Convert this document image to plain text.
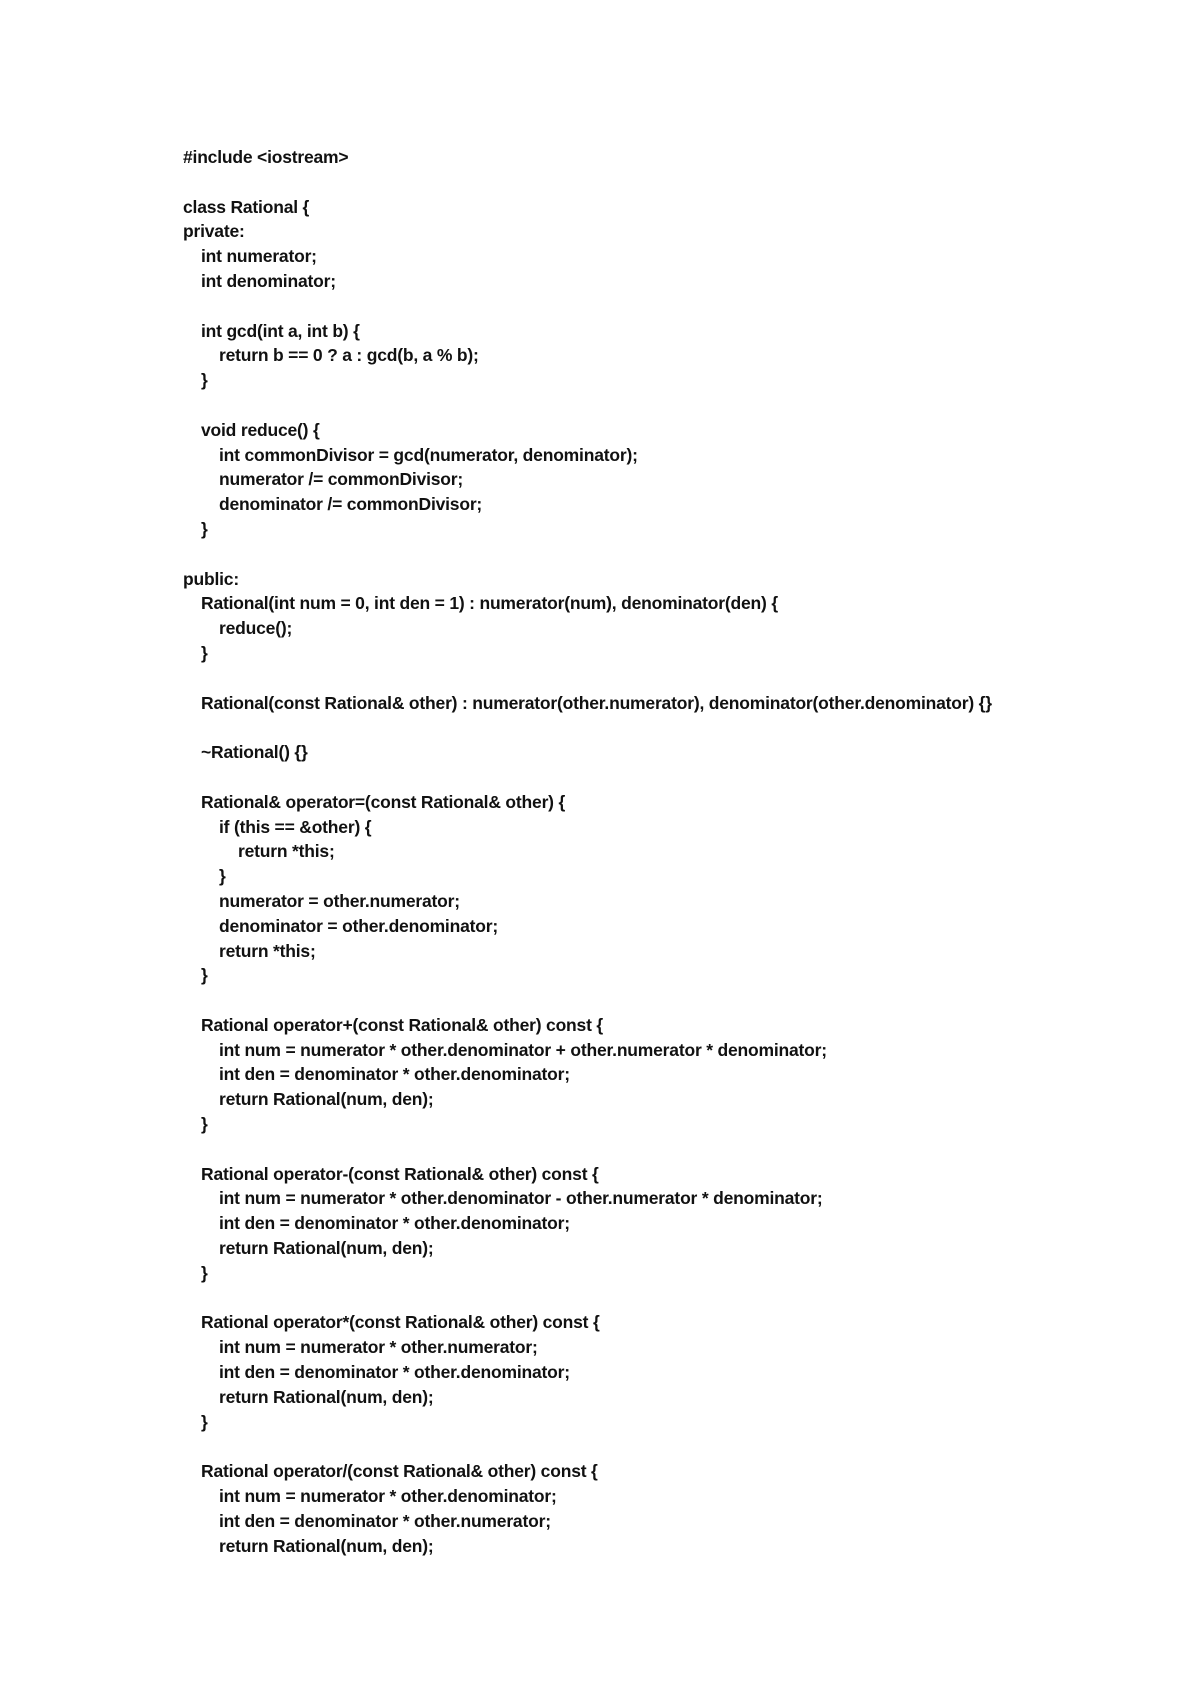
#include <iostream>
class Rational {
private:
int numerator;
int denominator;
int gcd(int a, int b) {
return b == 0 ? a : gcd(b, a % b);
}
void reduce() {
int commonDivisor = gcd(numerator, denominator);
numerator /= commonDivisor;
denominator /= commonDivisor;
}
public:
Rational(int num = 0, int den = 1) : numerator(num), denominator(den) {
reduce();
}
Rational(const Rational& other) : numerator(other.numerator), denominator(other.denominator) {}
~Rational() {}
Rational& operator=(const Rational& other) {
if (this == &other) {
return *this;
}
numerator = other.numerator;
denominator = other.denominator;
return *this;
}
Rational operator+(const Rational& other) const {
int num = numerator * other.denominator + other.numerator * denominator;
int den = denominator * other.denominator;
return Rational(num, den);
}
Rational operator-(const Rational& other) const {
int num = numerator * other.denominator - other.numerator * denominator;
int den = denominator * other.denominator;
return Rational(num, den);
}
Rational operator*(const Rational& other) const {
int num = numerator * other.numerator;
int den = denominator * other.denominator;
return Rational(num, den);
}
Rational operator/(const Rational& other) const {
int num = numerator * other.denominator;
int den = denominator * other.numerator;
return Rational(num, den);
